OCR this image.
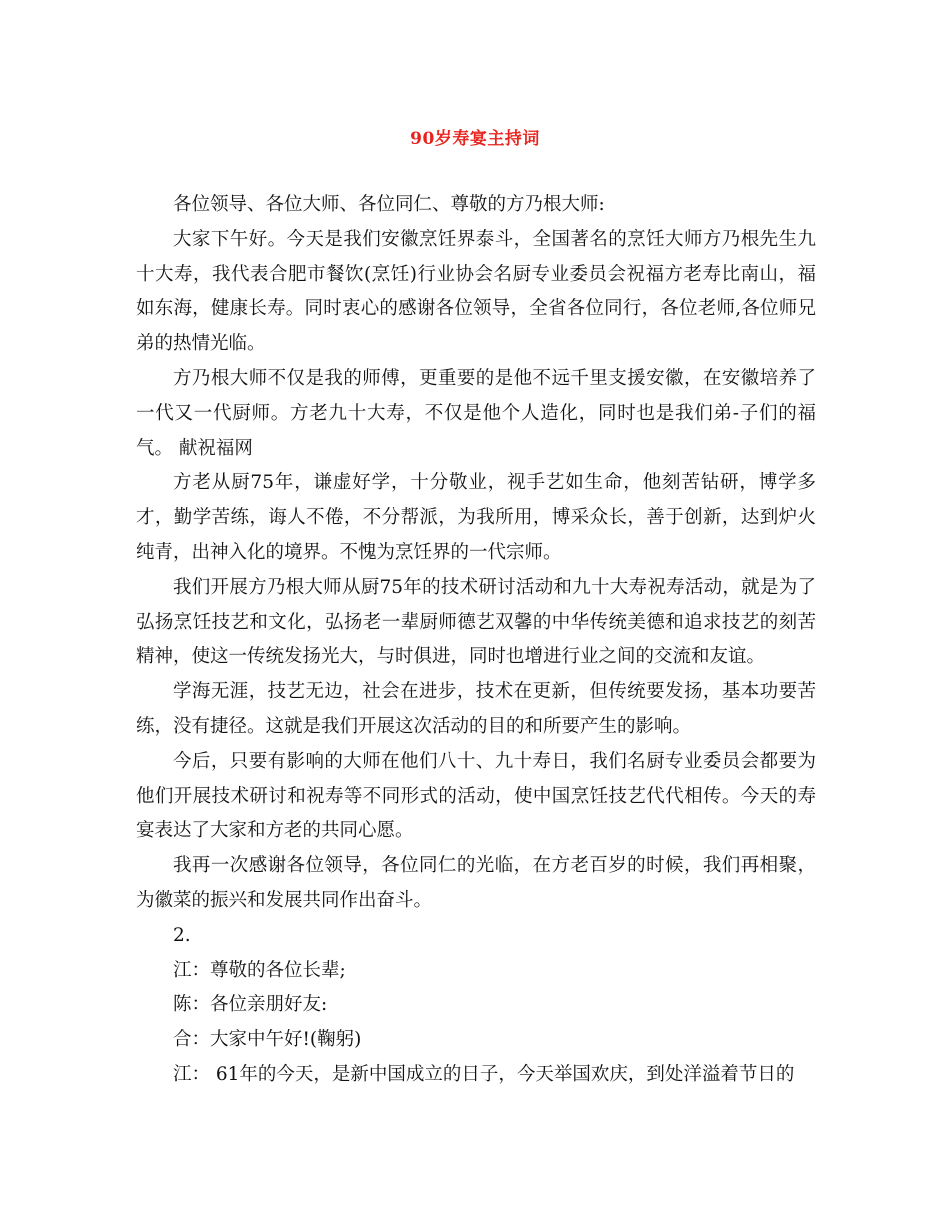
90岁寿宴主持词

各位领导、各位大师、各位同仁、尊敬的方乃根大师:

大家下午好。今天是我们安徽烹饪界泰斗，全国著名的烹饪大师方乃根先生九十大寿，我代表合肥市餐饮(烹饪)行业协会名厨专业委员会祝福方老寿比南山，福如东海，健康长寿。同时衷心的感谢各位领导，全省各位同行，各位老师,各位师兄弟的热情光临。

方乃根大师不仅是我的师傅，更重要的是他不远千里支援安徽，在安徽培养了一代又一代厨师。方老九十大寿，不仅是他个人造化，同时也是我们弟-子们的福气。 献祝福网

方老从厨75年，谦虚好学，十分敬业，视手艺如生命，他刻苦钻研，博学多才，勤学苦练，诲人不倦，不分帮派，为我所用，博采众长，善于创新，达到炉火纯青，出神入化的境界。不愧为烹饪界的一代宗师。

我们开展方乃根大师从厨75年的技术研讨活动和九十大寿祝寿活动，就是为了弘扬烹饪技艺和文化，弘扬老一辈厨师德艺双馨的中华传统美德和追求技艺的刻苦精神，使这一传统发扬光大，与时俱进，同时也增进行业之间的交流和友谊。

学海无涯，技艺无边，社会在进步，技术在更新，但传统要发扬，基本功要苦练，没有捷径。这就是我们开展这次活动的目的和所要产生的影响。

今后，只要有影响的大师在他们八十、九十寿日，我们名厨专业委员会都要为他们开展技术研讨和祝寿等不同形式的活动，使中国烹饪技艺代代相传。今天的寿宴表达了大家和方老的共同心愿。

我再一次感谢各位领导，各位同仁的光临，在方老百岁的时候，我们再相聚，为徽菜的振兴和发展共同作出奋斗。

2.

江：尊敬的各位长辈;

陈：各位亲朋好友:

合：大家中午好!(鞠躬)

江： 61年的今天，是新中国成立的日子，今天举国欢庆，到处洋溢着节日的
